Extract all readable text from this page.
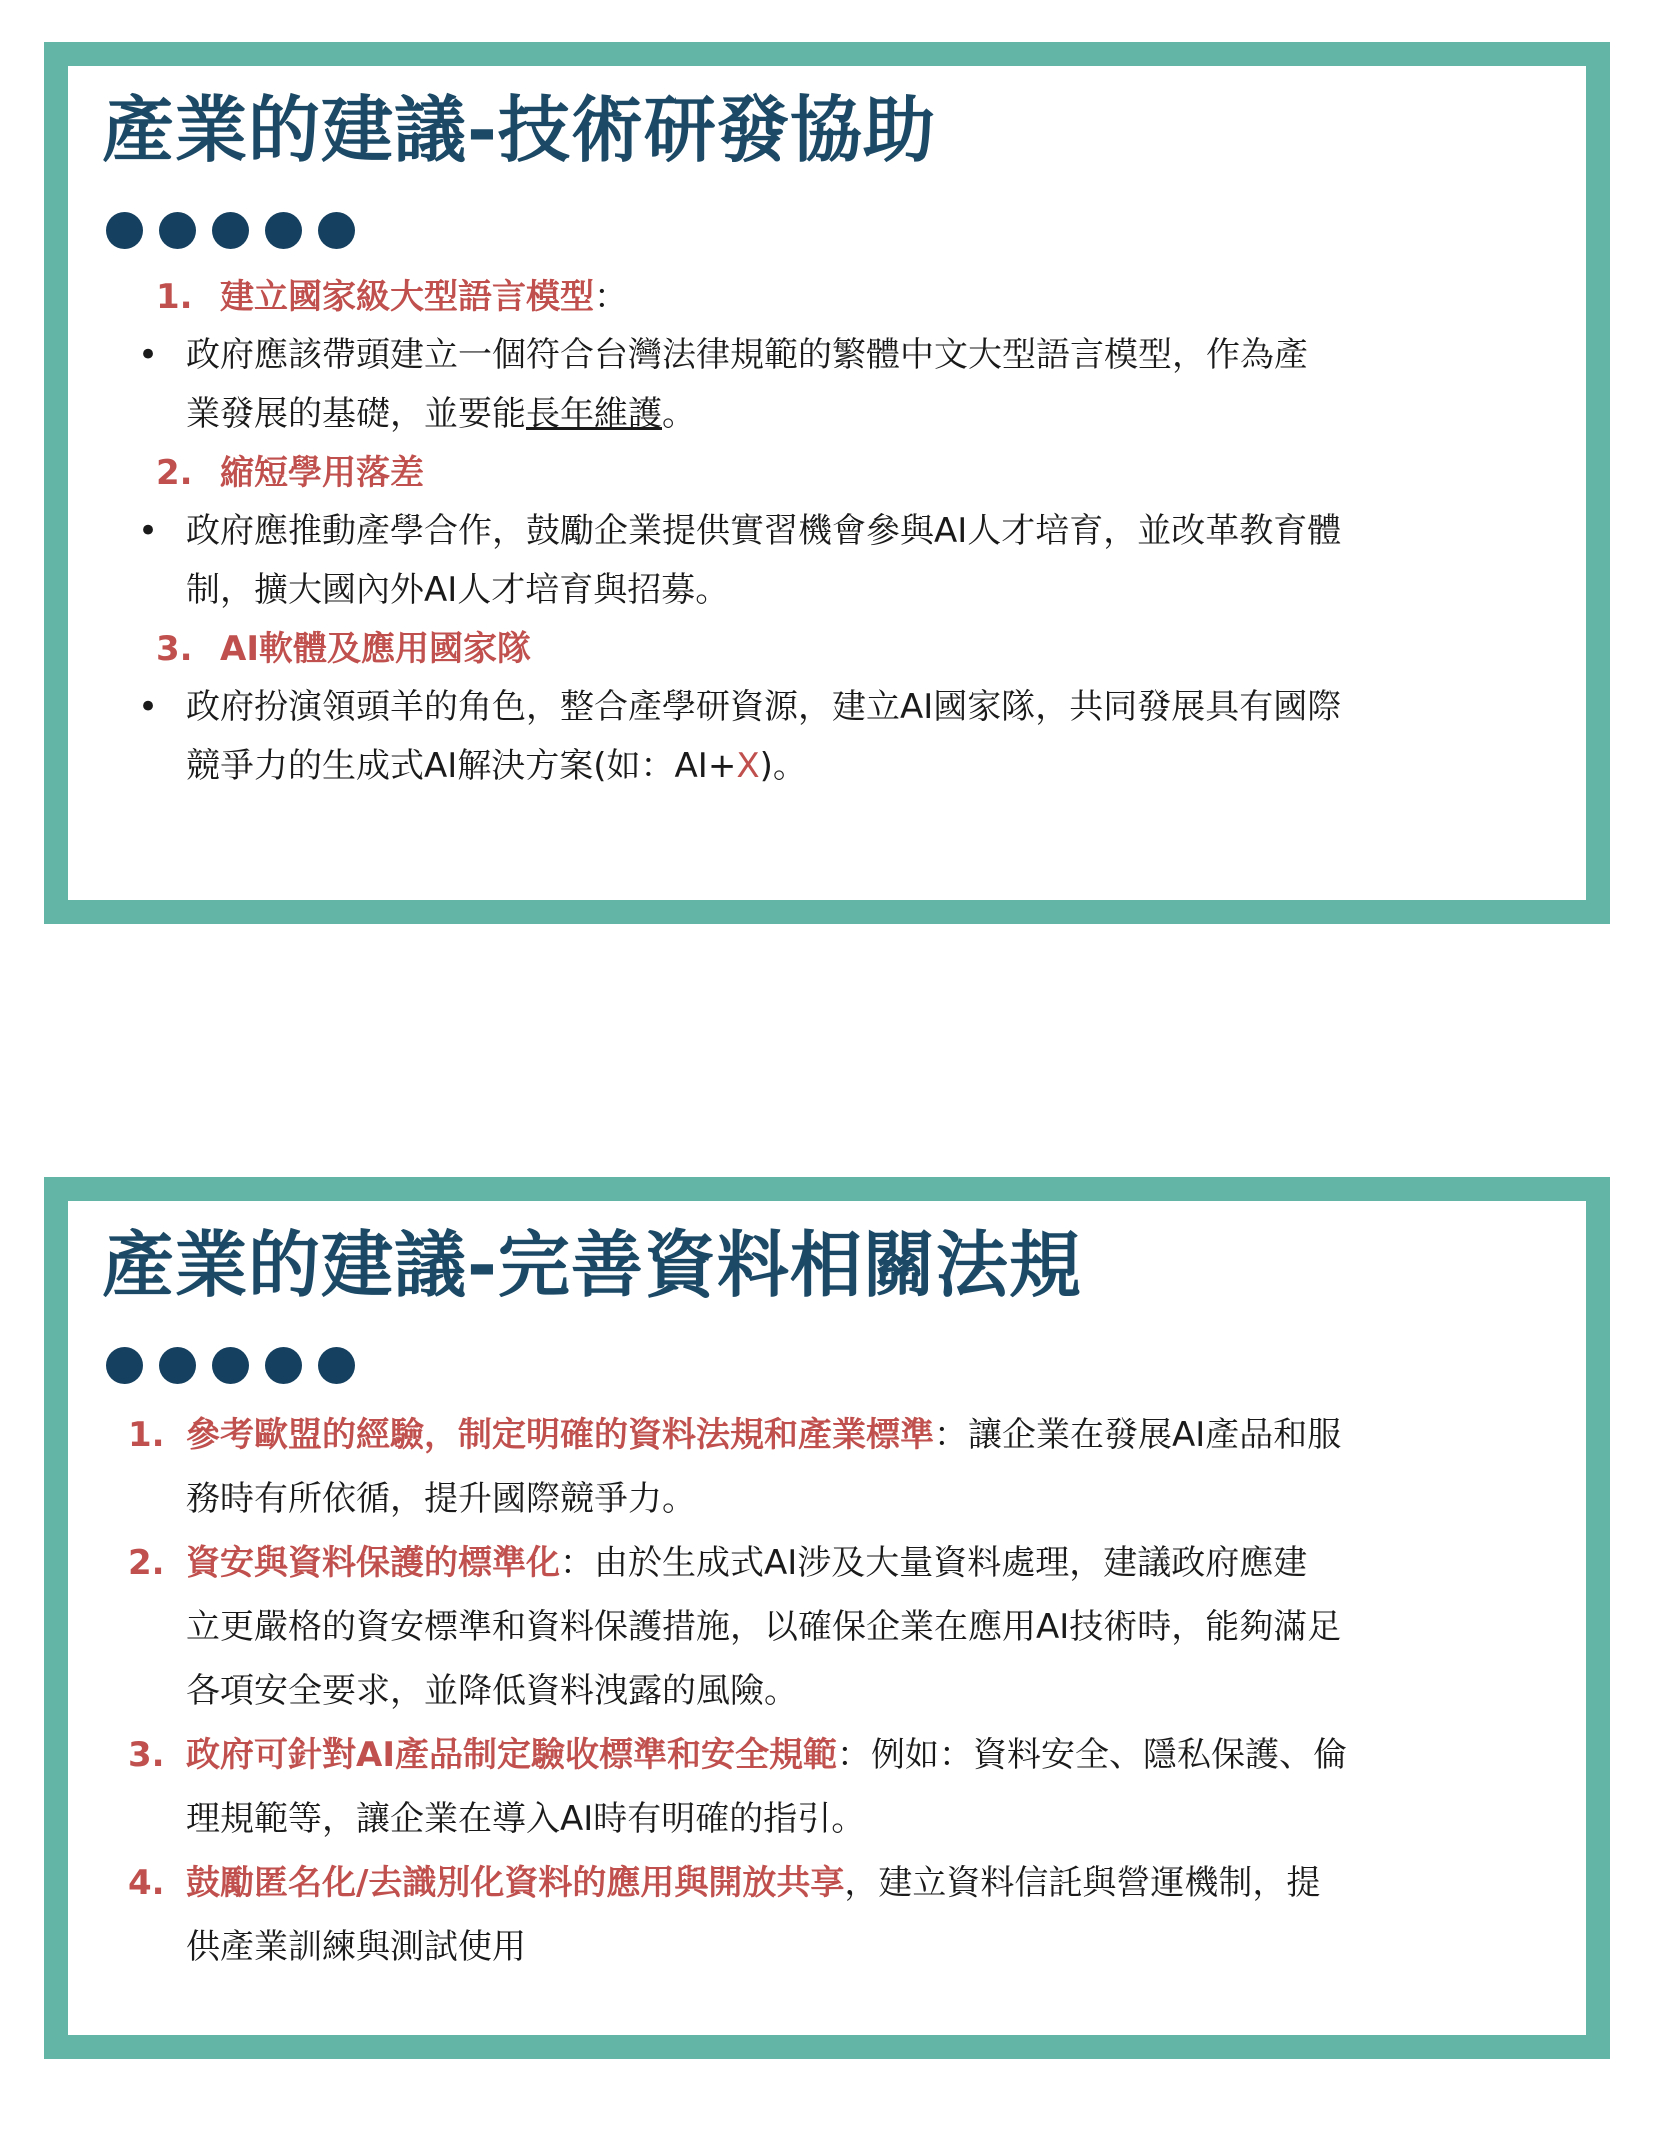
產業的建議-技術研發協助
1. 建立國家級大型語言模型：
• 政府應該帶頭建立一個符合台灣法律規範的繁體中文大型語言模型，作為產
業發展的基礎，並要能長年維護。
2. 縮短學用落差
• 政府應推動產學合作，鼓勵企業提供實習機會參與AI人才培育，並改革教育體
制，擴大國內外AI人才培育與招募。
3. AI軟體及應用國家隊
• 政府扮演領頭羊的角色，整合產學研資源，建立AI國家隊，共同發展具有國際
競爭力的生成式AI解決方案(如：AI+X)。
產業的建議-完善資料相關法規
1. 參考歐盟的經驗，制定明確的資料法規和產業標準：讓企業在發展AI產品和服
務時有所依循，提升國際競爭力。
2. 資安與資料保護的標準化：由於生成式AI涉及大量資料處理，建議政府應建
立更嚴格的資安標準和資料保護措施，以確保企業在應用AI技術時，能夠滿足
各項安全要求，並降低資料洩露的風險。
3. 政府可針對AI產品制定驗收標準和安全規範：例如：資料安全、隱私保護、倫
理規範等，讓企業在導入AI時有明確的指引。
4. 鼓勵匿名化/去識別化資料的應用與開放共享，建立資料信託與營運機制，提
供產業訓練與測試使用
